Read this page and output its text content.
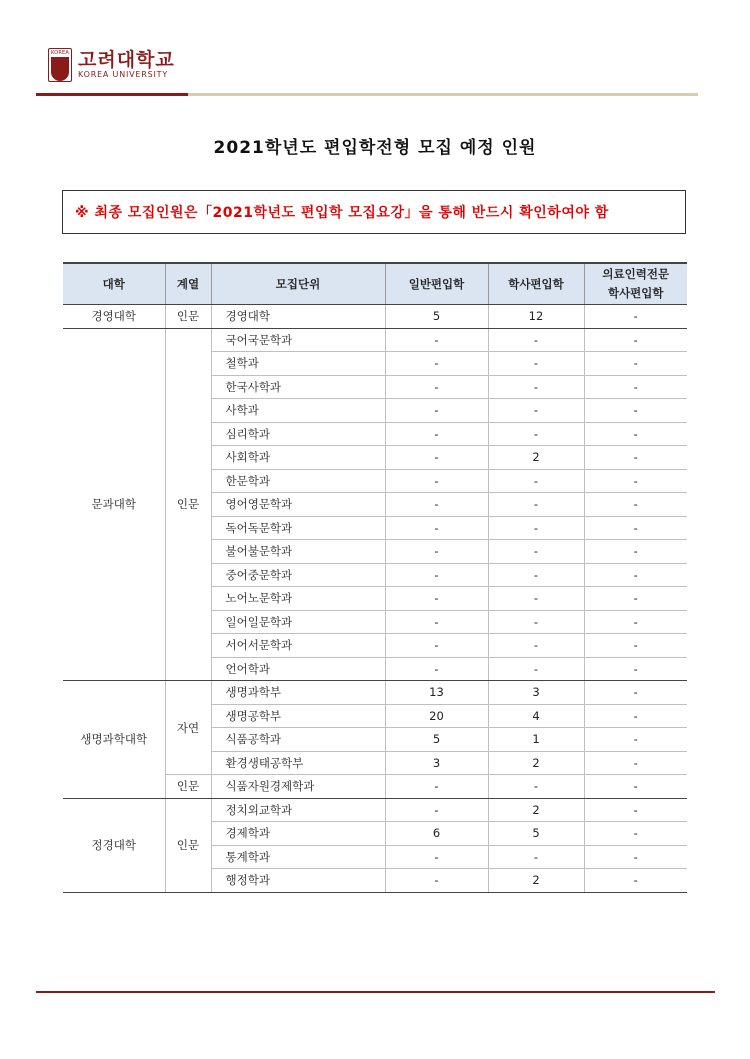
KOREA 고려대학교
KOREA UNIVERSITY
2021학년도 편입학전형 모집 예정 인원
※ 최종 모집인원은「2021학년도 편입학 모집요강」을 통해 반드시 확인하여야 함
대학	계열	모집단위	일반편입학	학사편입학	의료인력전문
학사편입학
경영대학	인문	경영대학	5	12	-
문과대학	인문	국어국문학과	-	-	-
		철학과	-	-	-
		한국사학과	-	-	-
		사학과	-	-	-
		심리학과	-	-	-
		사회학과	-	2	-
		한문학과	-	-	-
		영어영문학과	-	-	-
		독어독문학과	-	-	-
		불어불문학과	-	-	-
		중어중문학과	-	-	-
		노어노문학과	-	-	-
		일어일문학과	-	-	-
		서어서문학과	-	-	-
		언어학과	-	-	-
생명과학대학	자연	생명과학부	13	3	-
		생명공학부	20	4	-
		식품공학과	5	1	-
		환경생태공학부	3	2	-
	인문	식품자원경제학과	-	-	-
정경대학	인문	정치외교학과	-	2	-
		경제학과	6	5	-
		통계학과	-	-	-
		행정학과	-	2	-
